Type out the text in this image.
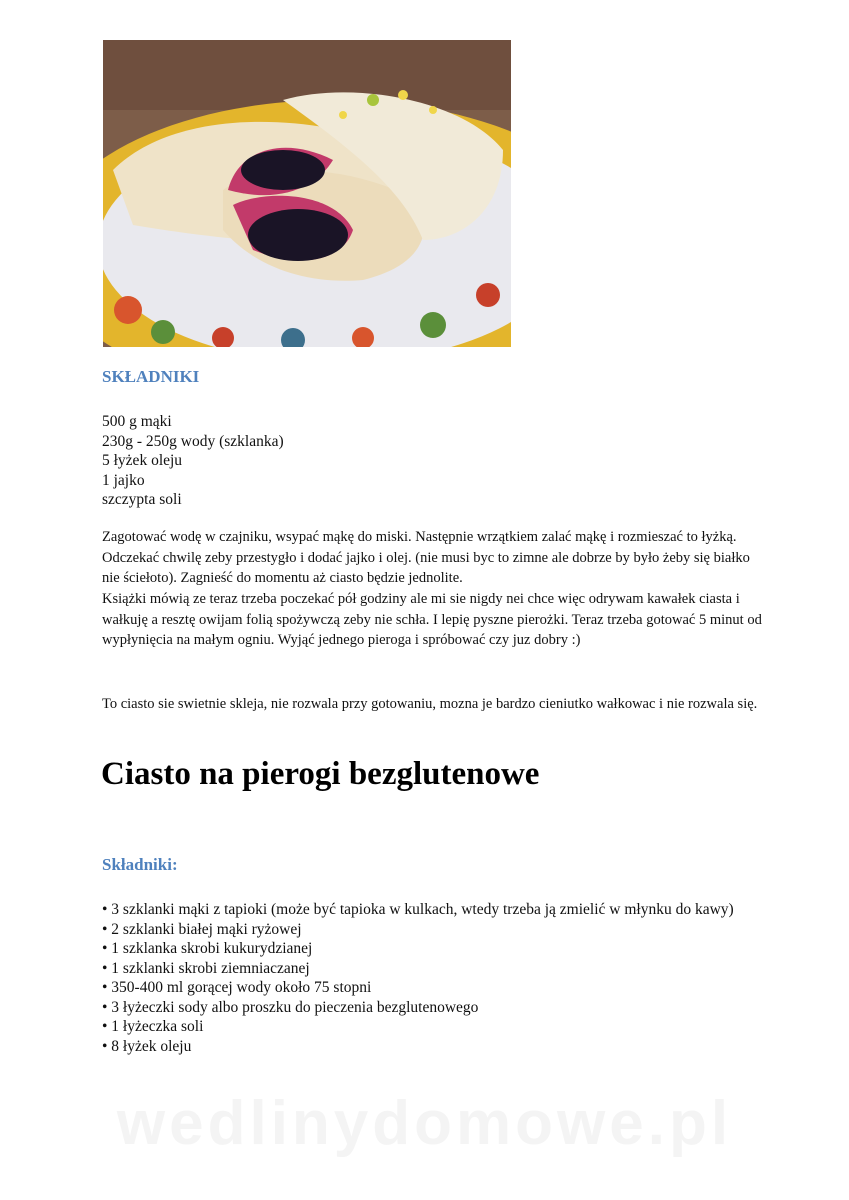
SKŁADNIKI
500 g mąki
230g - 250g wody (szklanka)
5 łyżek oleju
1 jajko
szczypta soli

Zagotować wodę w czajniku, wsypać mąkę do miski. Następnie wrzątkiem zalać mąkę i rozmieszać to łyżką. Odczekać chwilę zeby przestygło i dodać jajko i olej. (nie musi byc to zimne ale dobrze by było żeby się białko nie ściełoto). Zagnieść do momentu aż ciasto będzie jednolite.

Książki mówią ze teraz trzeba poczekać pół godziny ale mi sie nigdy nei chce więc odrywam kawałek ciasta i wałkuję a resztę owijam folią spożywczą zeby nie schła. I lepię pyszne pierożki. Teraz trzeba gotować 5 minut od wypłynięcia na małym ogniu. Wyjąć jednego pieroga i spróbować czy juz dobry :)

To ciasto sie swietnie skleja, nie rozwala przy gotowaniu, mozna je bardzo cieniutko wałkowac i nie rozwala się.

Ciasto na pierogi bezglutenowe
Składniki:
• 3 szklanki mąki z tapioki (może być tapioka w kulkach, wtedy trzeba ją zmielić w młynku do kawy)
• 2 szklanki białej mąki ryżowej
• 1 szklanka skrobi kukurydzianej
• 1 szklanki skrobi ziemniaczanej
• 350-400 ml gorącej wody około 75 stopni
• 3 łyżeczki sody albo proszku do pieczenia bezglutenowego
• 1 łyżeczka soli
• 8 łyżek oleju
wedlinydomowe.pl
